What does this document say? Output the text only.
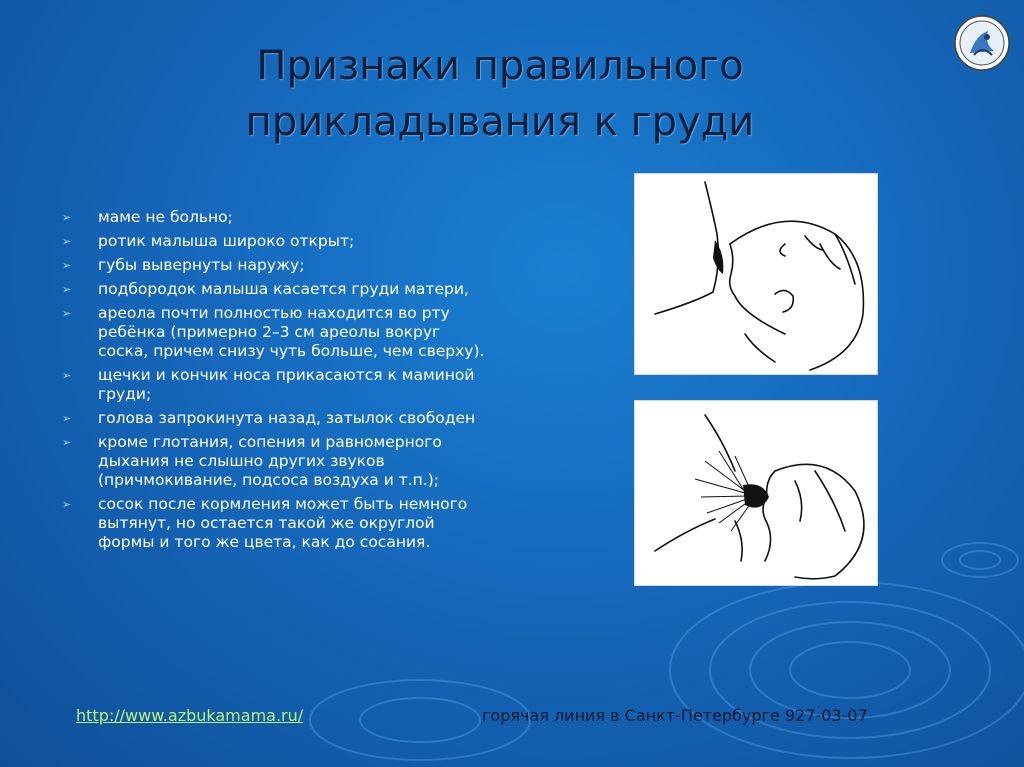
Признаки правильного
прикладывания к груди
➢ маме не больно;
➢ ротик малыша широко открыт;
➢ губы вывернуты наружу;
➢ подбородок малыша касается груди матери,
➢ ареола почти полностью находится во рту ребёнка (примерно 2–3 см ареолы вокруг соска, причем снизу чуть больше, чем сверху).
➢ щечки и кончик носа прикасаются к маминой груди;
➢ голова запрокинута назад, затылок свободен
➢ кроме глотания, сопения и равномерного дыхания не слышно других звуков (причмокивание, подсоса воздуха и т.п.);
➢ сосок после кормления может быть немного вытянут, но остается такой же округлой формы и того же цвета, как до сосания.
http://www.azbukamama.ru/	горячая линия в Санкт-Петербурге 927-03-07
